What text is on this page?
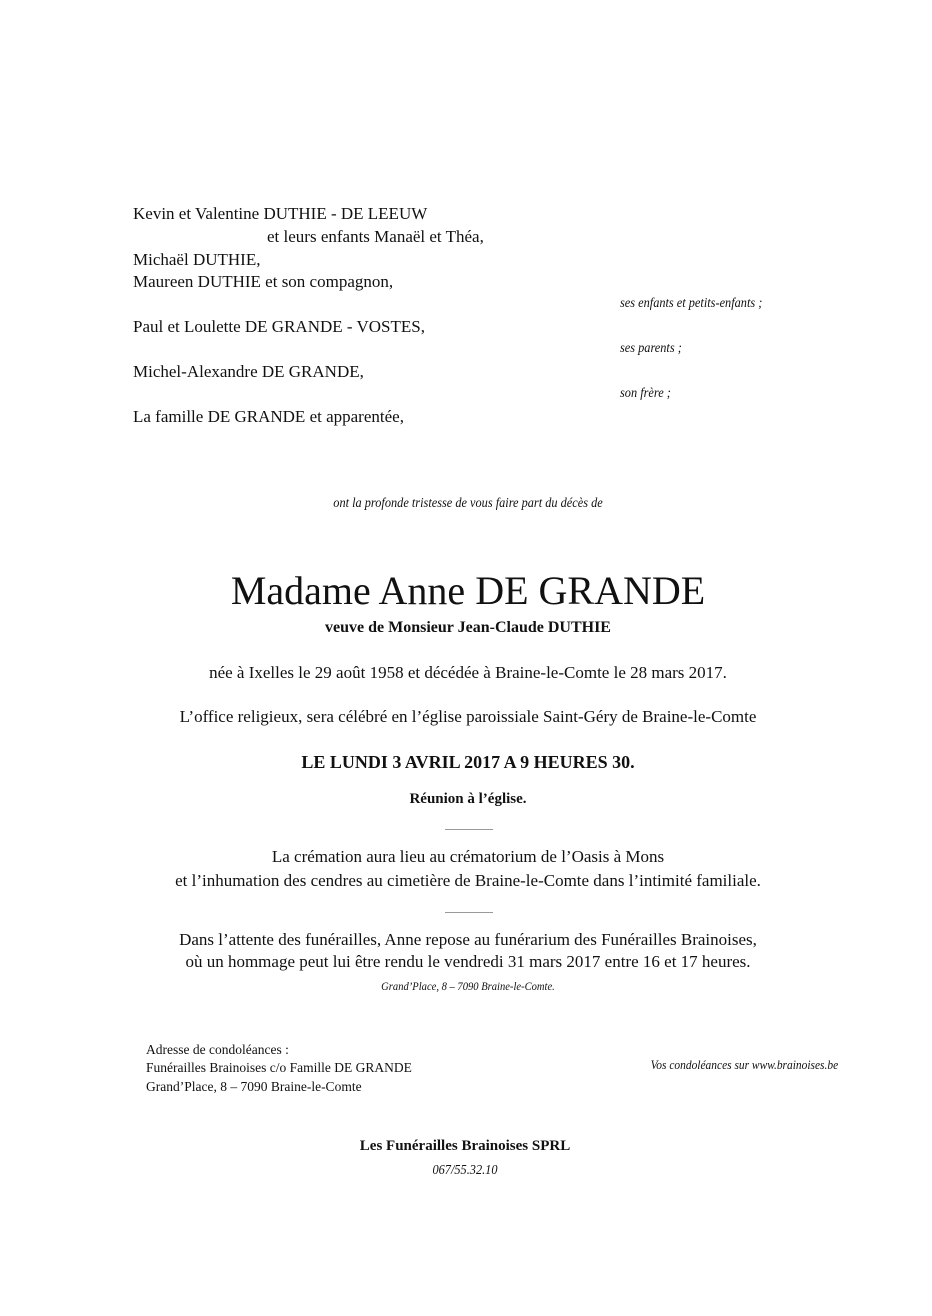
Kevin et Valentine DUTHIE - DE LEEUW
et leurs enfants Manaël et Théa,
Michaël DUTHIE,
Maureen DUTHIE et son compagnon,
ses enfants et petits-enfants ;
Paul et Loulette DE GRANDE - VOSTES,
ses parents ;
Michel-Alexandre DE GRANDE,
son frère ;
La famille DE GRANDE et apparentée,
ont la profonde tristesse de vous faire part du décès de
Madame Anne DE GRANDE
veuve de Monsieur Jean-Claude DUTHIE
née à Ixelles le 29 août 1958 et décédée à Braine-le-Comte le 28 mars 2017.
L’office religieux, sera célébré en l’église paroissiale Saint-Géry de Braine-le-Comte
LE LUNDI 3 AVRIL 2017 A 9 HEURES 30.
Réunion à l’église.
La crémation aura lieu au crématorium de l’Oasis à Mons
et l’inhumation des cendres au cimetière de Braine-le-Comte dans l’intimité familiale.
Dans l’attente des funérailles, Anne repose au funérarium des Funérailles Brainoises,
où un hommage peut lui être rendu le vendredi 31 mars 2017 entre 16 et 17 heures.
Grand’Place, 8 – 7090 Braine-le-Comte.
Adresse de condoléances :
Funérailles Brainoises c/o Famille DE GRANDE
Grand’Place, 8 – 7090 Braine-le-Comte
Vos condoléances sur www.brainoises.be
Les Funérailles Brainoises SPRL
067/55.32.10
